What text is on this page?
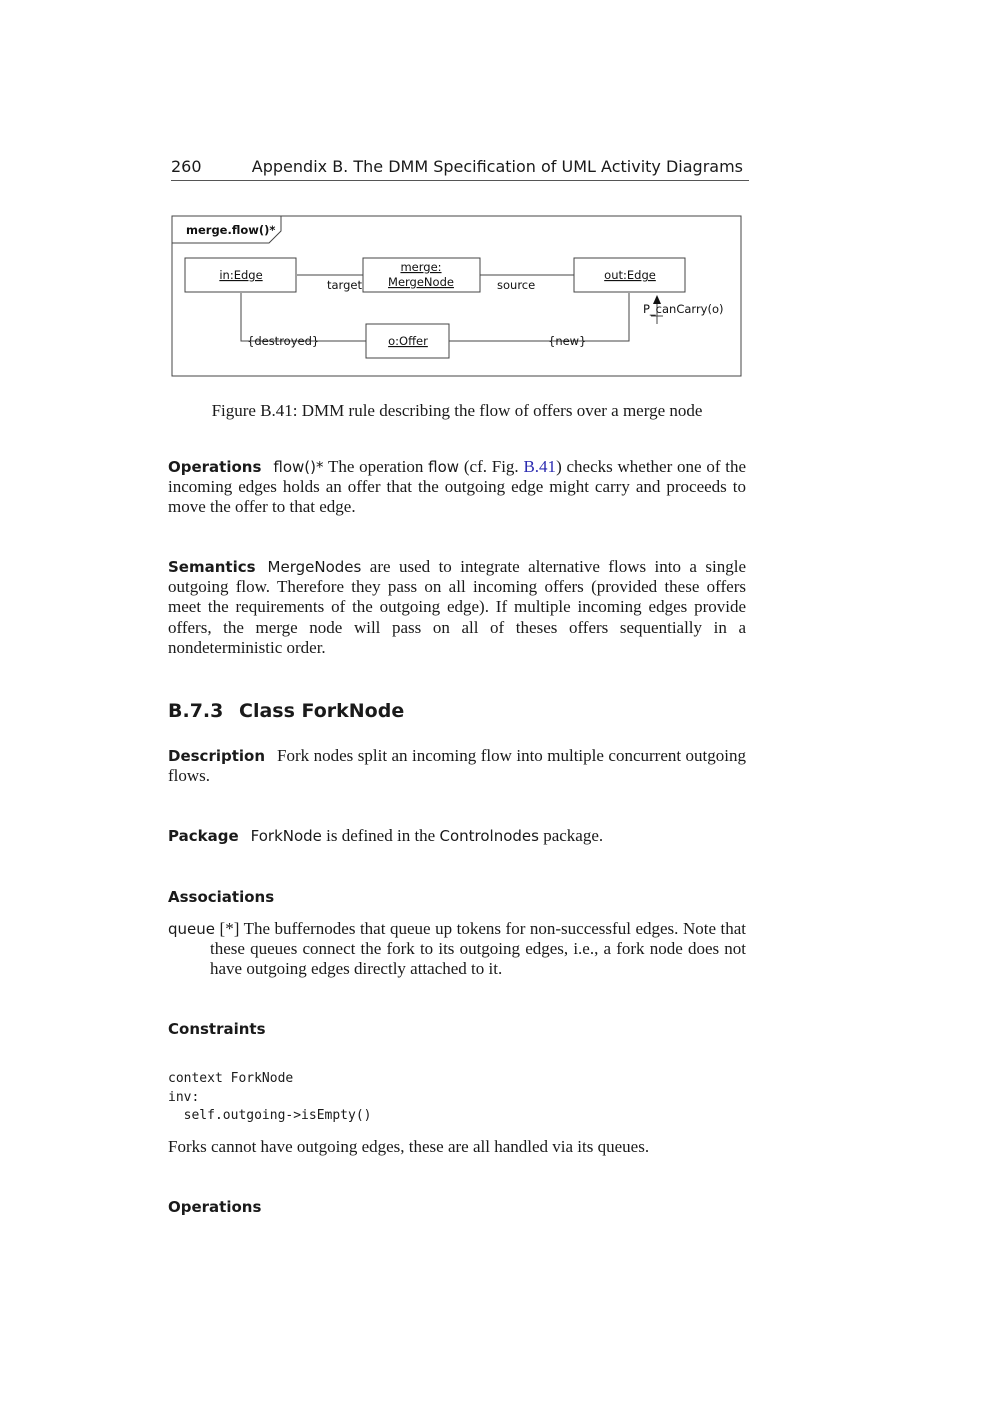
260	Appendix B. The DMM Specification of UML Activity Diagrams
merge.flow()*
in:Edge
merge:
MergeNode	out:Edge
o:Offer
target	source
{destroyed}	{new}
P_canCarry(o)
Figure B.41: DMM rule describing the flow of offers over a merge node

Operations flow()* The operation flow (cf. Fig. B.41) checks whether one of the incoming edges holds an offer that the outgoing edge might carry and proceeds to move the offer to that edge.

Semantics MergeNodes are used to integrate alternative flows into a single outgoing flow. Therefore they pass on all incoming offers (provided these offers meet the requirements of the outgoing edge). If multiple incoming edges provide offers, the merge node will pass on all of theses offers sequentially in a nondeterministic order.

B.7.3 Class ForkNode

Description Fork nodes split an incoming flow into multiple concurrent outgoing flows.

Package ForkNode is defined in the Controlnodes package.

Associations

queue [*] The buffernodes that queue up tokens for non-successful edges. Note that these queues connect the fork to its outgoing edges, i.e., a fork node does not have outgoing edges directly attached to it.

Constraints
context ForkNode
inv:
self.outgoing->isEmpty()

Forks cannot have outgoing edges, these are all handled via its queues.

Operations
